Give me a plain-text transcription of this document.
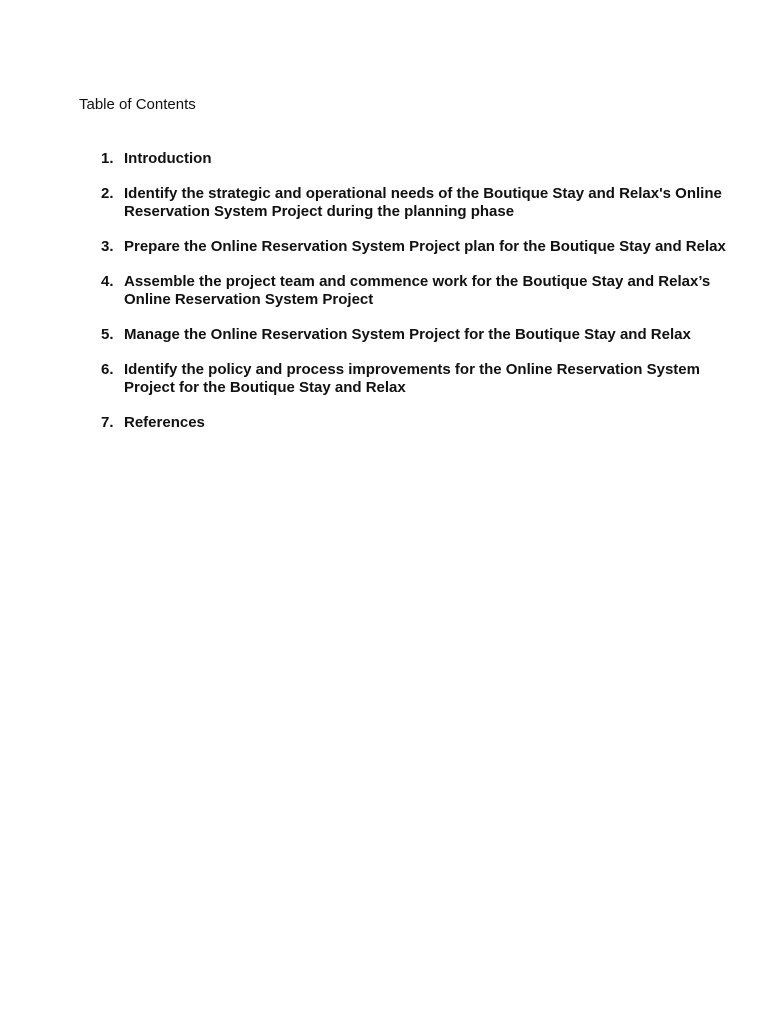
Table of Contents
1. Introduction
2. Identify the strategic and operational needs of the Boutique Stay and Relax's Online Reservation System Project during the planning phase
3. Prepare the Online Reservation System Project plan for the Boutique Stay and Relax
4. Assemble the project team and commence work for the Boutique Stay and Relax’s Online Reservation System Project
5. Manage the Online Reservation System Project for the Boutique Stay and Relax
6. Identify the policy and process improvements for the Online Reservation System Project for the Boutique Stay and Relax
7. References
